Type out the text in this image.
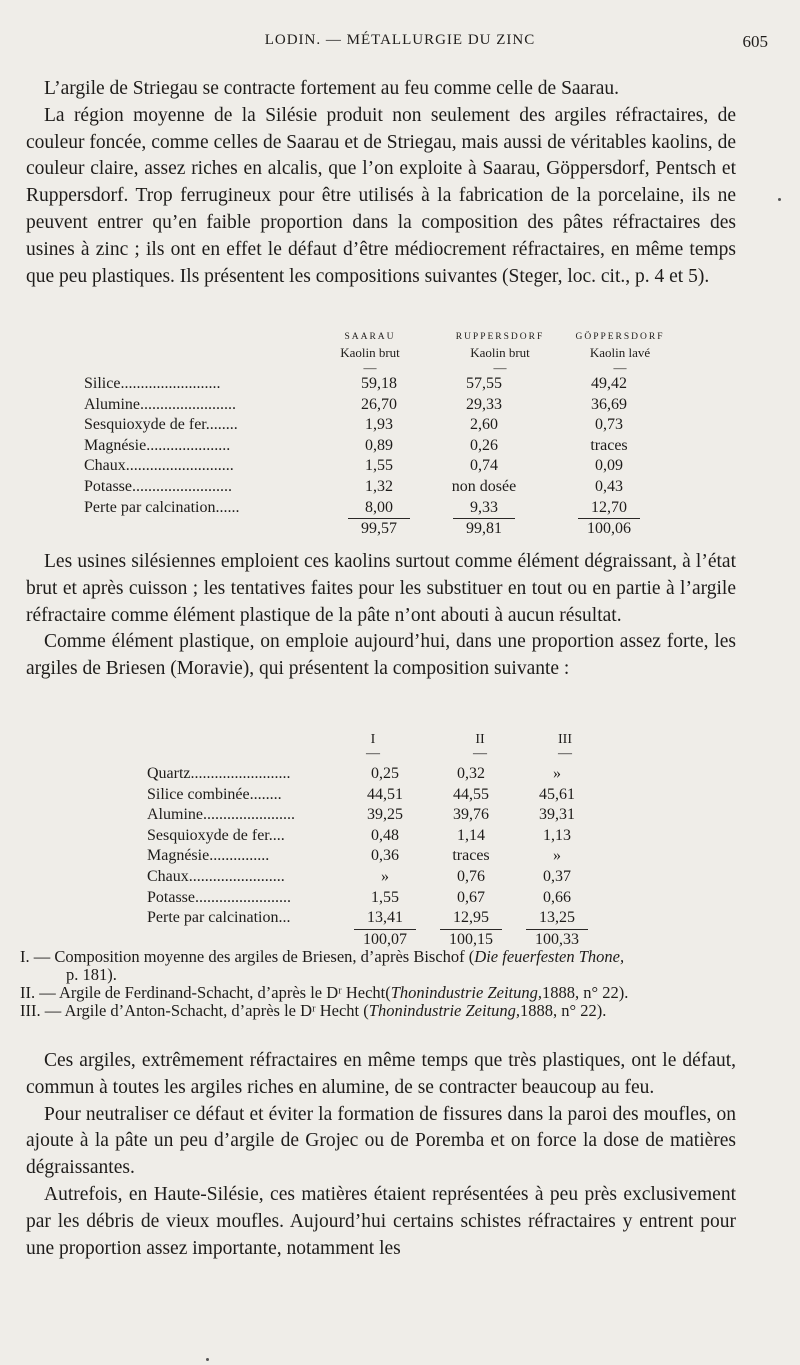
LODIN. — MÉTALLURGIE DU ZINC	605

L’argile de Striegau se contracte fortement au feu comme celle de Saarau.

La région moyenne de la Silésie produit non seulement des argiles réfractaires, de couleur foncée, comme celles de Saarau et de Striegau, mais aussi de véritables kaolins, de couleur claire, assez riches en alcalis, que l’on exploite à Saarau, Göppersdorf, Pentsch et Ruppersdorf. Trop ferrugineux pour être utilisés à la fabrication de la porcelaine, ils ne peuvent entrer qu’en faible proportion dans la composition des pâtes réfractaires des usines à zinc ; ils ont en effet le défaut d’être médiocrement réfractaires, en même temps que peu plastiques. Ils présentent les compositions suivantes (Steger, loc. cit., p. 4 et 5).

SAARAU
Kaolin brut
—
RUPPERSDORF
Kaolin brut
—
GÖPPERSDORF
Kaolin lavé
—
Silice.........................	59,18	57,55	49,42
Alumine........................	26,70	29,33	36,69
Sesquioxyde de fer........	1,93	2,60	0,73
Magnésie.....................	0,89	0,26	traces
Chaux...........................	1,55	0,74	0,09
Potasse.........................	1,32	non dosée	0,43
Perte par calcination......	8,00	9,33	12,70
	99,57	99,81	100,06

Les usines silésiennes emploient ces kaolins surtout comme élément dégraissant, à l’état brut et après cuisson ; les tentatives faites pour les substituer en tout ou en partie à l’argile réfractaire comme élément plastique de la pâte n’ont abouti à aucun résultat.

Comme élément plastique, on emploie aujourd’hui, dans une proportion assez forte, les argiles de Briesen (Moravie), qui présentent la composition suivante :

I
—
II
—
III
—
Quartz.........................	0,25	0,32	»
Silice combinée........	44,51	44,55	45,61
Alumine.......................	39,25	39,76	39,31
Sesquioxyde de fer....	0,48	1,14	1,13
Magnésie...............	0,36	traces	»
Chaux........................	»	0,76	0,37
Potasse........................	1,55	0,67	0,66
Perte par calcination...	13,41	12,95	13,25
	100,07	100,15	100,33
I. — Composition moyenne des argiles de Briesen, d’après Bischof (Die feuerfesten Thone,
p. 181).
II. — Argile de Ferdinand-Schacht, d’après le Dʳ Hecht(Thonindustrie Zeitung,1888, n° 22).
III. — Argile d’Anton-Schacht, d’après le Dʳ Hecht (Thonindustrie Zeitung,1888, n° 22).

Ces argiles, extrêmement réfractaires en même temps que très plastiques, ont le défaut, commun à toutes les argiles riches en alumine, de se contracter beaucoup au feu.

Pour neutraliser ce défaut et éviter la formation de fissures dans la paroi des moufles, on ajoute à la pâte un peu d’argile de Grojec ou de Poremba et on force la dose de matières dégraissantes.

Autrefois, en Haute-Silésie, ces matières étaient représentées à peu près exclusivement par les débris de vieux moufles. Aujourd’hui certains schistes réfractaires y entrent pour une proportion assez importante, notamment les
